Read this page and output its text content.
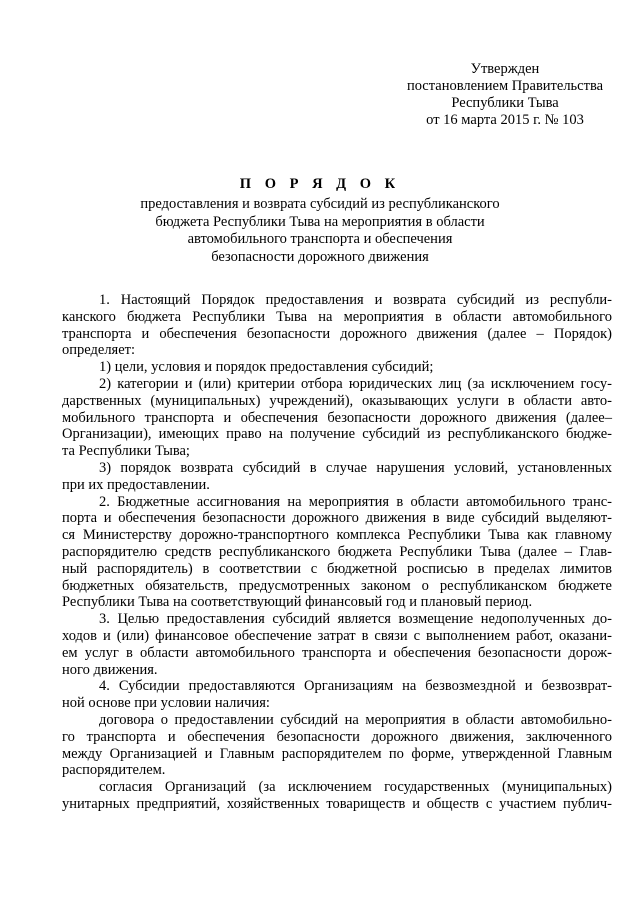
Утвержден
постановлением Правительства
Республики Тыва
от 16 марта 2015 г. № 103
П О Р Я Д О К
предоставления и возврата субсидий из республиканского
бюджета Республики Тыва на мероприятия в области
автомобильного транспорта и обеспечения
безопасности дорожного движения
1. Настоящий Порядок предоставления и возврата субсидий из республи-
канского бюджета Республики Тыва на мероприятия в области автомобильного
транспорта и обеспечения безопасности дорожного движения (далее – Порядок)
определяет:
1) цели, условия и порядок предоставления субсидий;
2) категории и (или) критерии отбора юридических лиц (за исключением госу-
дарственных (муниципальных) учреждений), оказывающих услуги в области авто-
мобильного транспорта и обеспечения безопасности дорожного движения (далее–
Организации), имеющих право на получение субсидий из республиканского бюдже-
та Республики Тыва;
3) порядок возврата субсидий в случае нарушения условий, установленных
при их предоставлении.
2. Бюджетные ассигнования на мероприятия в области автомобильного транс-
порта и обеспечения безопасности дорожного движения в виде субсидий выделяют-
ся Министерству дорожно-транспортного комплекса Республики Тыва как главному
распорядителю средств республиканского бюджета Республики Тыва (далее – Глав-
ный распорядитель) в соответствии с бюджетной росписью в пределах лимитов
бюджетных обязательств, предусмотренных законом о республиканском бюджете
Республики Тыва на соответствующий финансовый год и плановый период.
3. Целью предоставления субсидий является возмещение недополученных до-
ходов и (или) финансовое обеспечение затрат в связи с выполнением работ, оказани-
ем услуг в области автомобильного транспорта и обеспечения безопасности дорож-
ного движения.
4. Субсидии предоставляются Организациям на безвозмездной и безвозврат-
ной основе при условии наличия:
договора о предоставлении субсидий на мероприятия в области автомобильно-
го транспорта и обеспечения безопасности дорожного движения, заключенного
между Организацией и Главным распорядителем по форме, утвержденной Главным
распорядителем.
согласия Организаций (за исключением государственных (муниципальных)
унитарных предприятий, хозяйственных товариществ и обществ с участием публич-
